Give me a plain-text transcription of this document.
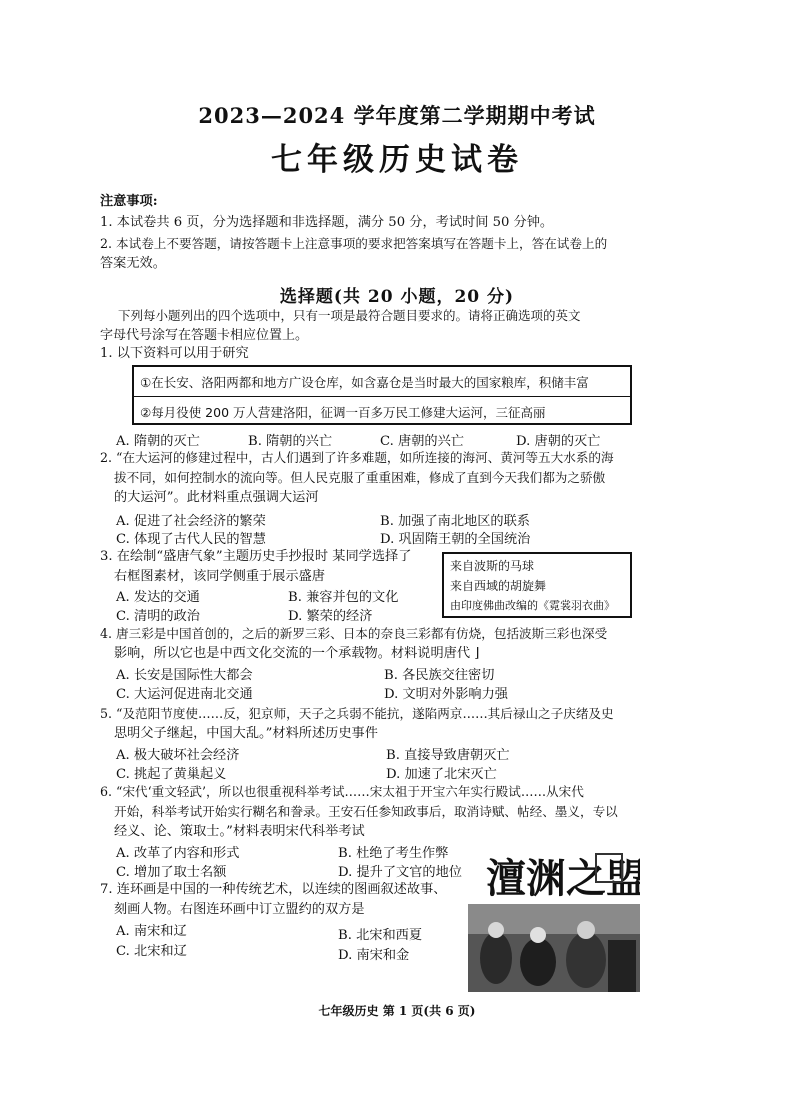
2023—2024 学年度第二学期期中考试
七年级历史试卷
注意事项:
1. 本试卷共 6 页，分为选择题和非选择题，满分 50 分，考试时间 50 分钟。
2. 本试卷上不要答题，请按答题卡上注意事项的要求把答案填写在答题卡上，答在试卷上的
答案无效。
选择题(共 20 小题，20 分)
下列每小题列出的四个选项中，只有一项是最符合题目要求的。请将正确选项的英文
字母代号涂写在答题卡相应位置上。
1. 以下资料可以用于研究
①在长安、洛阳两都和地方广设仓库，如含嘉仓是当时最大的国家粮库，积储丰富
②每月役使 200 万人营建洛阳，征调一百多万民工修建大运河，三征高丽
A. 隋朝的灭亡	B. 隋朝的兴亡	C. 唐朝的兴亡	D. 唐朝的灭亡
2. “在大运河的修建过程中，古人们遇到了许多难题，如所连接的海河、黄河等五大水系的海
拔不同，如何控制水的流向等。但人民克服了重重困难，修成了直到今天我们都为之骄傲
的大运河”。此材料重点强调大运河
A. 促进了社会经济的繁荣	B. 加强了南北地区的联系
C. 体现了古代人民的智慧	D. 巩固隋王朝的全国统治
3. 在绘制“盛唐气象”主题历史手抄报时 某同学选择了
右框图素材，该同学侧重于展示盛唐
来自波斯的马球
来自西域的胡旋舞
由印度佛曲改编的《霓裳羽衣曲》
A. 发达的交通	B. 兼容并包的文化
C. 清明的政治	D. 繁荣的经济
4. 唐三彩是中国首创的，之后的新罗三彩、日本的奈良三彩都有仿烧，包括波斯三彩也深受
影响，所以它也是中西文化交流的一个承载物。材料说明唐代 ⌋
A. 长安是国际性大都会	B. 各民族交往密切
C. 大运河促进南北交通	D. 文明对外影响力强
5. “及范阳节度使……反，犯京师，天子之兵弱不能抗，遂陷两京……其后禄山之子庆绪及史
思明父子继起，中国大乱。”材料所述历史事件
A. 极大破坏社会经济	B. 直接导致唐朝灭亡
C. 挑起了黄巢起义	D. 加速了北宋灭亡
6. “宋代‘重文轻武’，所以也很重视科举考试……宋太祖于开宝六年实行殿试……从宋代
开始，科举考试开始实行糊名和誊录。王安石任参知政事后，取消诗赋、帖经、墨义，专以
经义、论、策取士。”材料表明宋代科举考试
A. 改革了内容和形式	B. 杜绝了考生作弊
C. 增加了取士名额	D. 提升了文官的地位
7. 连环画是中国的一种传统艺术，以连续的图画叙述故事、
刻画人物。右图连环画中订立盟约的双方是
A. 南宋和辽	B. 北宋和西夏
C. 北宋和辽	D. 南宋和金
澶渊之盟
七年级历史 第 1 页(共 6 页)
